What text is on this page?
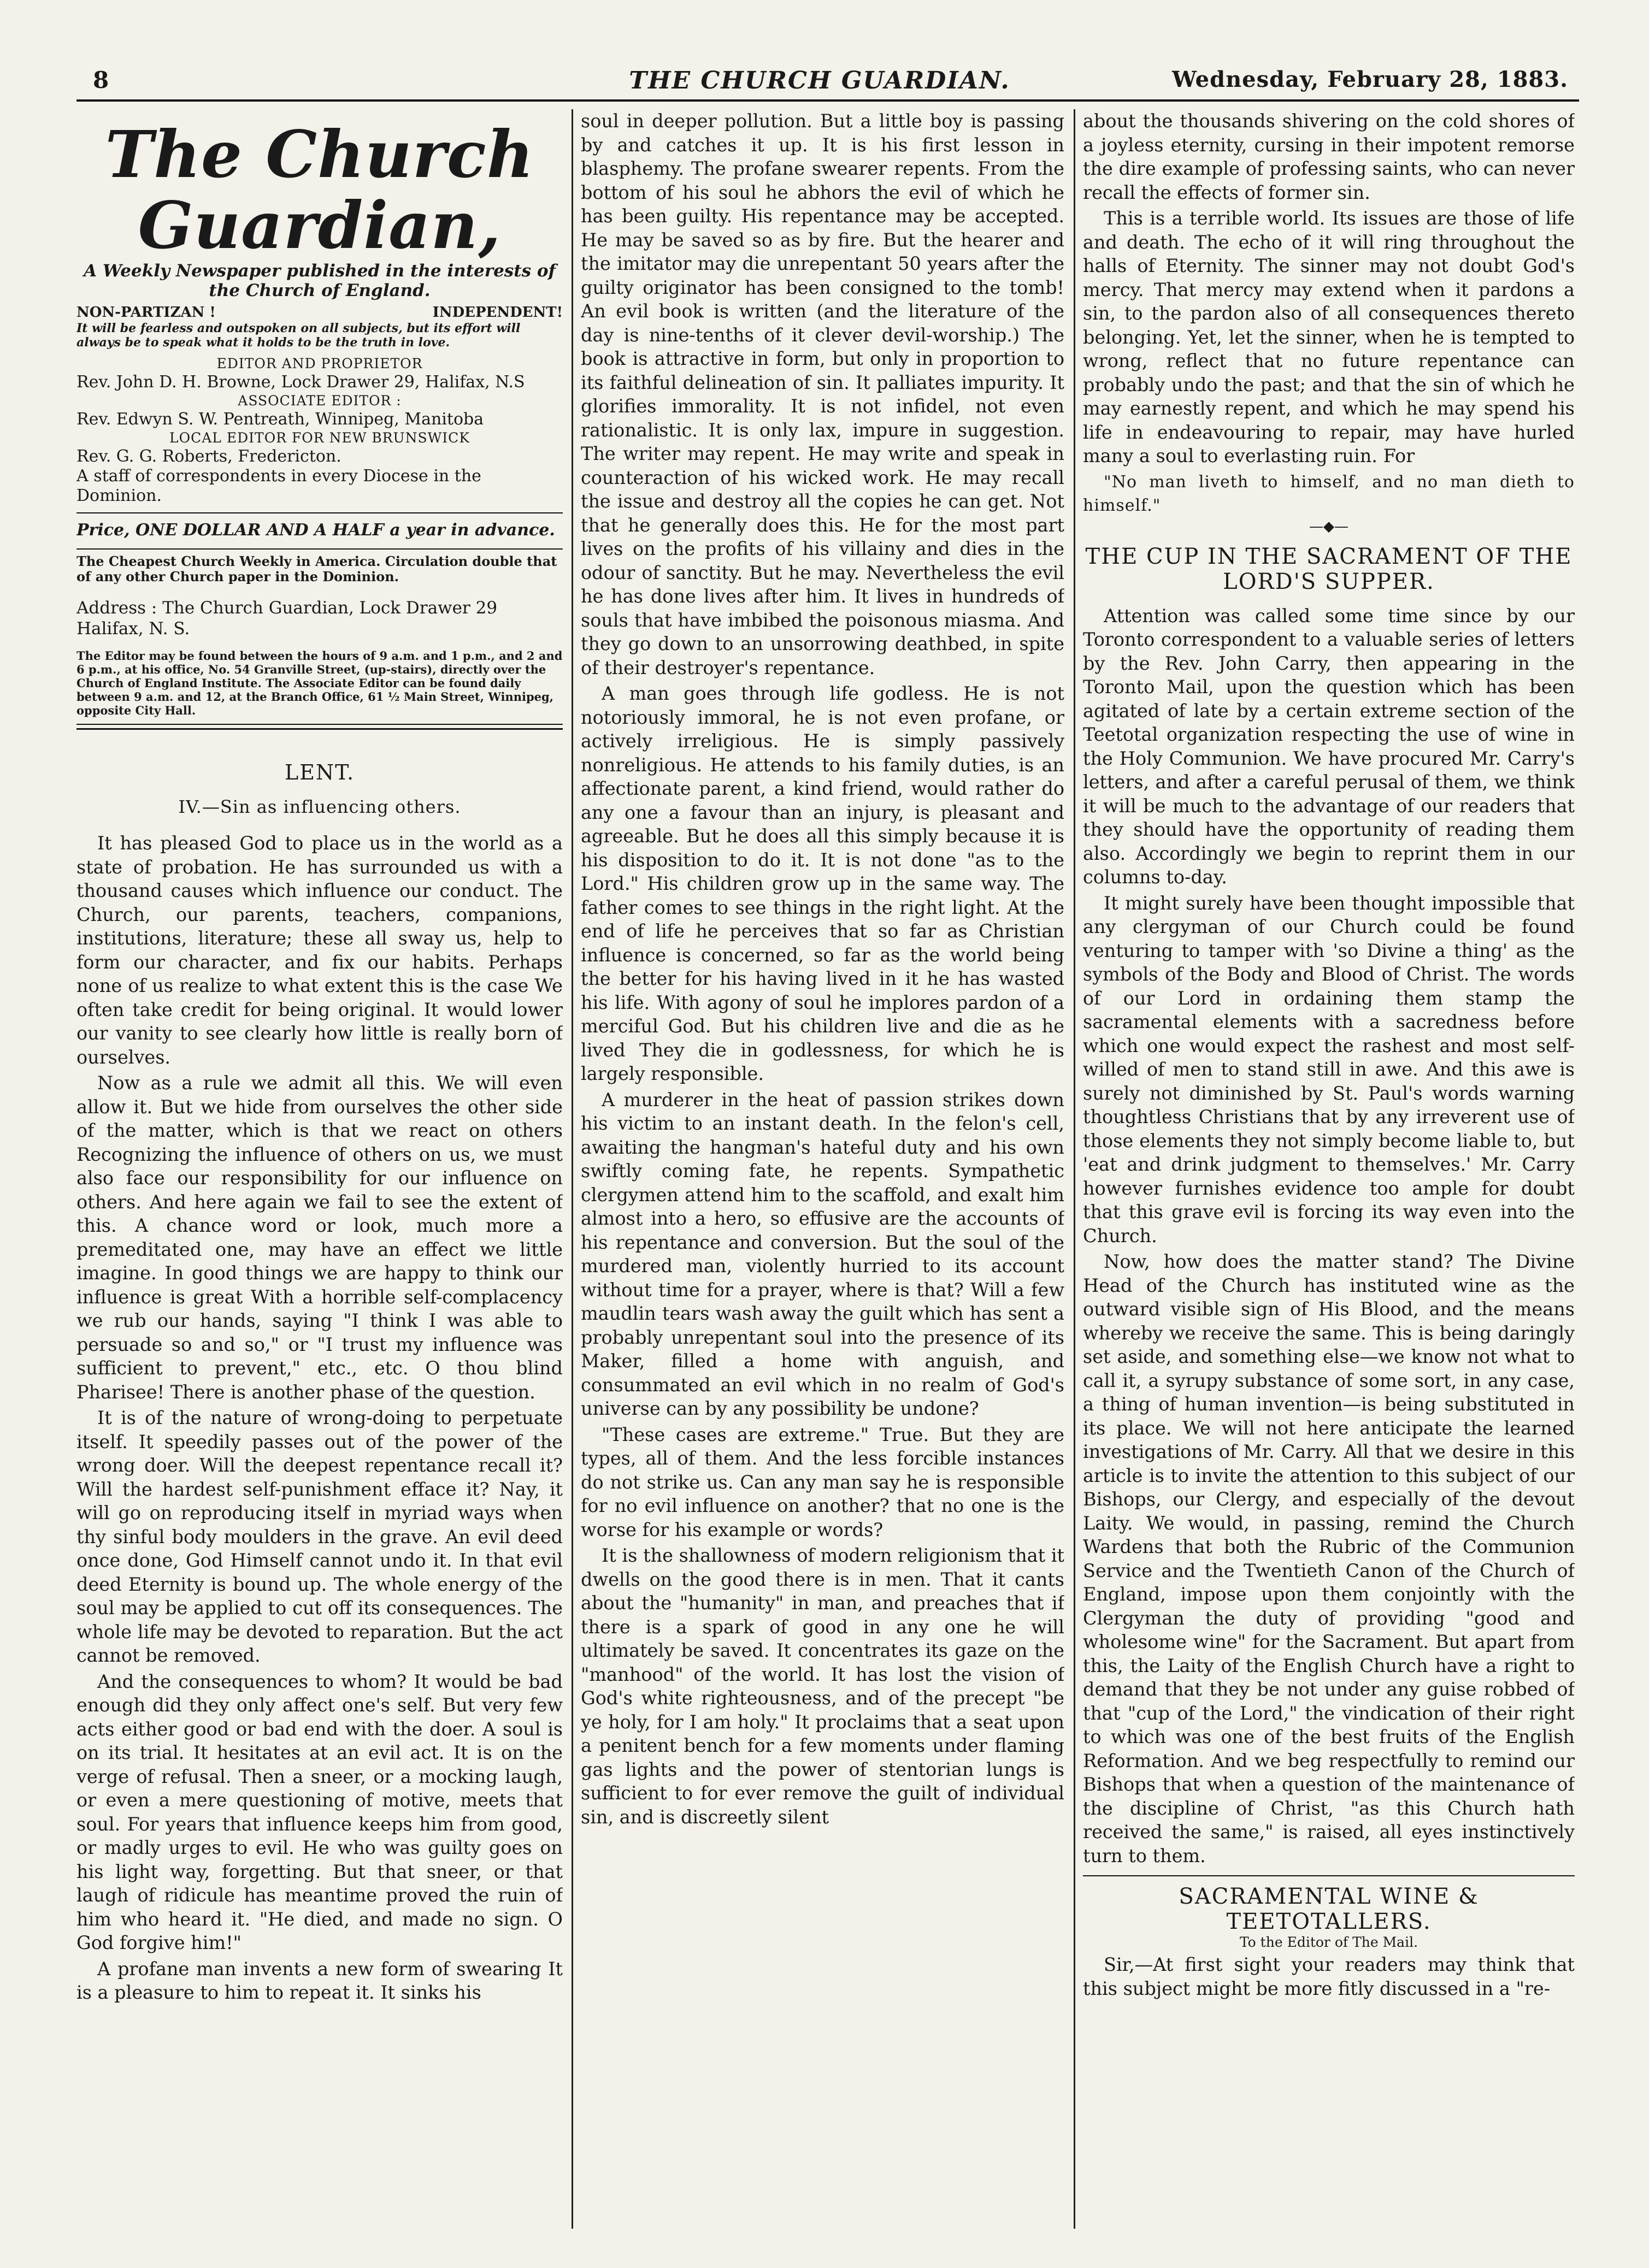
8	THE CHURCH GUARDIAN.	Wednesday, February 28, 1883.
The Church Guardian,
A Weekly Newspaper published in the interests of the Church of England.
NON-PARTIZAN !	INDEPENDENT!
It will be fearless and outspoken on all subjects, but its effort will always be to speak what it holds to be the truth in love.
EDITOR AND PROPRIETOR
Rev. John D. H. Browne, Lock Drawer 29, Halifax, N.S
ASSOCIATE EDITOR :
Rev. Edwyn S. W. Pentreath, Winnipeg, Manitoba
LOCAL EDITOR FOR NEW BRUNSWICK
Rev. G. G. Roberts, Fredericton.
A staff of correspondents in every Diocese in the Dominion.
Price, ONE DOLLAR AND A HALF a year in advance.
The Cheapest Church Weekly in America. Circulation double that of any other Church paper in the Dominion.
Address : The Church Guardian, Lock Drawer 29 Halifax, N. S.
The Editor may be found between the hours of 9 a.m. and 1 p.m., and 2 and 6 p.m., at his office, No. 54 Granville Street, (up-stairs), directly over the Church of England Institute. The Associate Editor can be found daily between 9 a.m. and 12, at the Branch Office, 61 ½ Main Street, Winnipeg, opposite City Hall.
LENT.
IV.—Sin as influencing others.

It has pleased God to place us in the world as a state of probation. He has surrounded us with a thousand causes which influence our conduct. The Church, our parents, teachers, companions, institutions, literature; these all sway us, help to form our character, and fix our habits. Perhaps none of us realize to what extent this is the case We often take credit for being original. It would lower our vanity to see clearly how little is really born of ourselves.

Now as a rule we admit all this. We will even allow it. But we hide from ourselves the other side of the matter, which is that we react on others Recognizing the influence of others on us, we must also face our responsibility for our influence on others. And here again we fail to see the extent of this. A chance word or look, much more a premeditated one, may have an effect we little imagine. In good things we are happy to think our influence is great With a horrible self-complacency we rub our hands, saying "I think I was able to persuade so and so," or "I trust my influence was sufficient to prevent," etc., etc. O thou blind Pharisee! There is another phase of the question.

It is of the nature of wrong-doing to perpetuate itself. It speedily passes out of the power of the wrong doer. Will the deepest repentance recall it? Will the hardest self-punishment efface it? Nay, it will go on reproducing itself in myriad ways when thy sinful body moulders in the grave. An evil deed once done, God Himself cannot undo it. In that evil deed Eternity is bound up. The whole energy of the soul may be applied to cut off its consequences. The whole life may be devoted to reparation. But the act cannot be removed.

And the consequences to whom? It would be bad enough did they only affect one's self. But very few acts either good or bad end with the doer. A soul is on its trial. It hesitates at an evil act. It is on the verge of refusal. Then a sneer, or a mocking laugh, or even a mere questioning of motive, meets that soul. For years that influence keeps him from good, or madly urges to evil. He who was guilty goes on his light way, forgetting. But that sneer, or that laugh of ridicule has meantime proved the ruin of him who heard it. "He died, and made no sign. O God forgive him!"

A profane man invents a new form of swearing It is a pleasure to him to repeat it. It sinks his

soul in deeper pollution. But a little boy is passing by and catches it up. It is his first lesson in blasphemy. The profane swearer repents. From the bottom of his soul he abhors the evil of which he has been guilty. His repentance may be accepted. He may be saved so as by fire. But the hearer and the imitator may die unrepentant 50 years after the guilty originator has been consigned to the tomb! An evil book is written (and the literature of the day is nine-tenths of it clever devil-worship.) The book is attractive in form, but only in proportion to its faithful delineation of sin. It palliates impurity. It glorifies immorality. It is not infidel, not even rationalistic. It is only lax, impure in suggestion. The writer may repent. He may write and speak in counteraction of his wicked work. He may recall the issue and destroy all the copies he can get. Not that he generally does this. He for the most part lives on the profits of his villainy and dies in the odour of sanctity. But he may. Nevertheless the evil he has done lives after him. It lives in hundreds of souls that have imbibed the poisonous miasma. And they go down to an unsorrowing deathbed, in spite of their destroyer's repentance.

A man goes through life godless. He is not notoriously immoral, he is not even profane, or actively irreligious. He is simply passively nonreligious. He attends to his family duties, is an affectionate parent, a kind friend, would rather do any one a favour than an injury, is pleasant and agreeable. But he does all this simply because it is his disposition to do it. It is not done "as to the Lord." His children grow up in the same way. The father comes to see things in the right light. At the end of life he perceives that so far as Christian influence is concerned, so far as the world being the better for his having lived in it he has wasted his life. With agony of soul he implores pardon of a merciful God. But his children live and die as he lived They die in godlessness, for which he is largely responsible.

A murderer in the heat of passion strikes down his victim to an instant death. In the felon's cell, awaiting the hangman's hateful duty and his own swiftly coming fate, he repents. Sympathetic clergymen attend him to the scaffold, and exalt him almost into a hero, so effusive are the accounts of his repentance and conversion. But the soul of the murdered man, violently hurried to its account without time for a prayer, where is that? Will a few maudlin tears wash away the guilt which has sent a probably unrepentant soul into the presence of its Maker, filled a home with anguish, and consummated an evil which in no realm of God's universe can by any possibility be undone?

"These cases are extreme." True. But they are types, all of them. And the less forcible instances do not strike us. Can any man say he is responsible for no evil influence on another? that no one is the worse for his example or words?

It is the shallowness of modern religionism that it dwells on the good there is in men. That it cants about the "humanity" in man, and preaches that if there is a spark of good in any one he will ultimately be saved. It concentrates its gaze on the "manhood" of the world. It has lost the vision of God's white righteousness, and of the precept "be ye holy, for I am holy." It proclaims that a seat upon a penitent bench for a few moments under flaming gas lights and the power of stentorian lungs is sufficient to for ever remove the guilt of individual sin, and is discreetly silent

about the thousands shivering on the cold shores of a joyless eternity, cursing in their impotent remorse the dire example of professing saints, who can never recall the effects of former sin.

This is a terrible world. Its issues are those of life and death. The echo of it will ring throughout the halls of Eternity. The sinner may not doubt God's mercy. That mercy may extend when it pardons a sin, to the pardon also of all consequences thereto belonging. Yet, let the sinner, when he is tempted to wrong, reflect that no future repentance can probably undo the past; and that the sin of which he may earnestly repent, and which he may spend his life in endeavouring to repair, may have hurled many a soul to everlasting ruin. For

"No man liveth to himself, and no man dieth to himself."

—◆—
THE CUP IN THE SACRAMENT OF THE LORD'S SUPPER.

Attention was called some time since by our Toronto correspondent to a valuable series of letters by the Rev. John Carry, then appearing in the Toronto Mail, upon the question which has been agitated of late by a certain extreme section of the Teetotal organization respecting the use of wine in the Holy Communion. We have procured Mr. Carry's letters, and after a careful perusal of them, we think it will be much to the advantage of our readers that they should have the opportunity of reading them also. Accordingly we begin to reprint them in our columns to-day.

It might surely have been thought impossible that any clergyman of our Church could be found venturing to tamper with 'so Divine a thing' as the symbols of the Body and Blood of Christ. The words of our Lord in ordaining them stamp the sacramental elements with a sacredness before which one would expect the rashest and most self-willed of men to stand still in awe. And this awe is surely not diminished by St. Paul's words warning thoughtless Christians that by any irreverent use of those elements they not simply become liable to, but 'eat and drink judgment to themselves.' Mr. Carry however furnishes evidence too ample for doubt that this grave evil is forcing its way even into the Church.

Now, how does the matter stand? The Divine Head of the Church has instituted wine as the outward visible sign of His Blood, and the means whereby we receive the same. This is being daringly set aside, and something else—we know not what to call it, a syrupy substance of some sort, in any case, a thing of human invention—is being substituted in its place. We will not here anticipate the learned investigations of Mr. Carry. All that we desire in this article is to invite the attention to this subject of our Bishops, our Clergy, and especially of the devout Laity. We would, in passing, remind the Church Wardens that both the Rubric of the Communion Service and the Twentieth Canon of the Church of England, impose upon them conjointly with the Clergyman the duty of providing "good and wholesome wine" for the Sacrament. But apart from this, the Laity of the English Church have a right to demand that they be not under any guise robbed of that "cup of the Lord," the vindication of their right to which was one of the best fruits of the English Reformation. And we beg respectfully to remind our Bishops that when a question of the maintenance of the discipline of Christ, "as this Church hath received the same," is raised, all eyes instinctively turn to them.

SACRAMENTAL WINE & TEETOTALLERS.
To the Editor of The Mail.

Sir,—At first sight your readers may think that this subject might be more fitly discussed in a "re-
